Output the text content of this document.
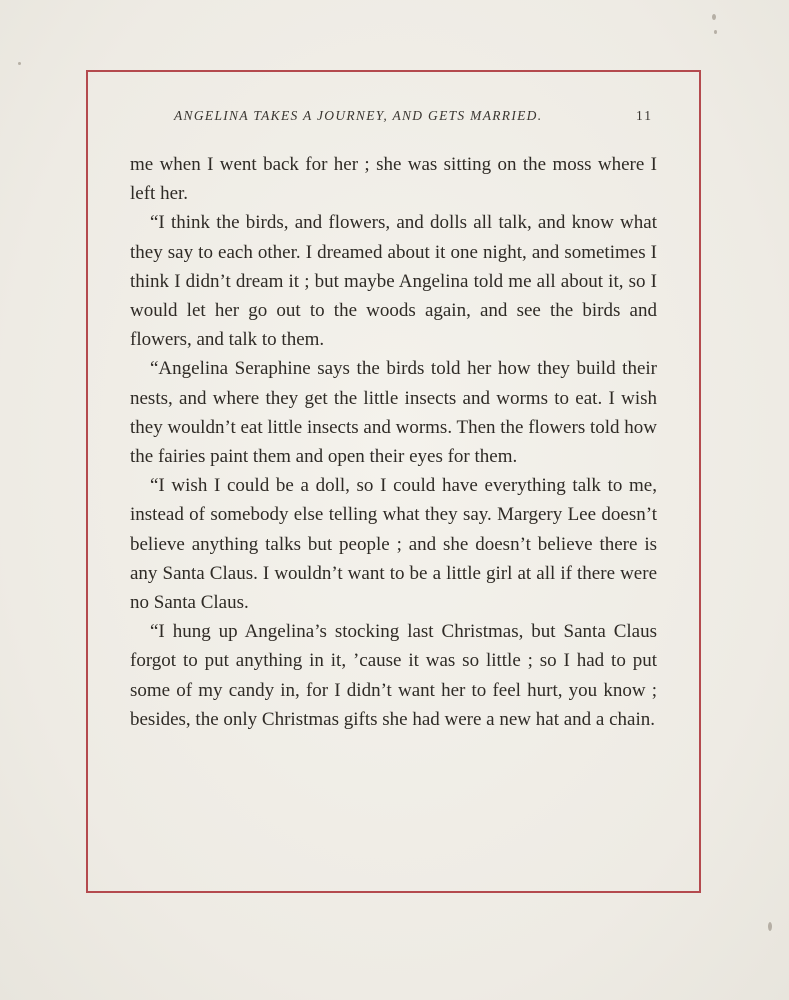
ANGELINA TAKES A JOURNEY, AND GETS MARRIED.	11

me when I went back for her ; she was sitting on the moss where I left her.

“I think the birds, and flowers, and dolls all talk, and know what they say to each other. I dreamed about it one night, and sometimes I think I didn’t dream it ; but maybe Angelina told me all about it, so I would let her go out to the woods again, and see the birds and flowers, and talk to them.

“Angelina Seraphine says the birds told her how they build their nests, and where they get the little insects and worms to eat. I wish they wouldn’t eat little insects and worms. Then the flowers told how the fairies paint them and open their eyes for them.

“I wish I could be a doll, so I could have everything talk to me, instead of somebody else telling what they say. Margery Lee doesn’t believe anything talks but people ; and she doesn’t believe there is any Santa Claus. I wouldn’t want to be a little girl at all if there were no Santa Claus.

“I hung up Angelina’s stocking last Christmas, but Santa Claus forgot to put anything in it, ’cause it was so little ; so I had to put some of my candy in, for I didn’t want her to feel hurt, you know ; besides, the only Christmas gifts she had were a new hat and a chain.
